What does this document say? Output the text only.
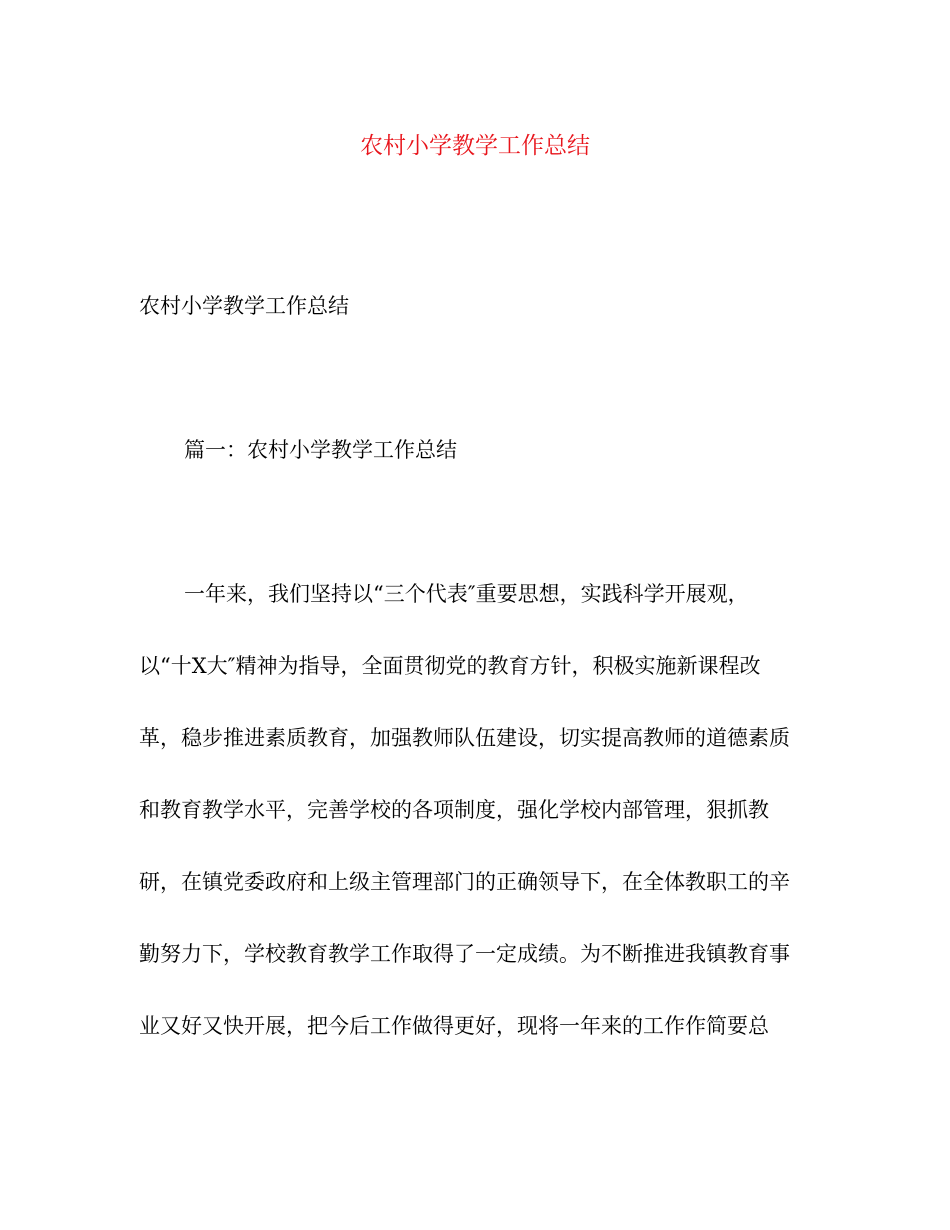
农村小学教学工作总结

农村小学教学工作总结

篇一：农村小学教学工作总结

一年来，我们坚持以“三个代表″重要思想，实践科学开展观，
以“十Χ大″精神为指导，全面贯彻党的教育方针，积极实施新课程改
革，稳步推进素质教育，加强教师队伍建设，切实提高教师的道德素质
和教育教学水平，完善学校的各项制度，强化学校内部管理，狠抓教
研，在镇党委政府和上级主管理部门的正确领导下，在全体教职工的辛
勤努力下，学校教育教学工作取得了一定成绩。为不断推进我镇教育事
业又好又快开展，把今后工作做得更好，现将一年来的工作作简要总
